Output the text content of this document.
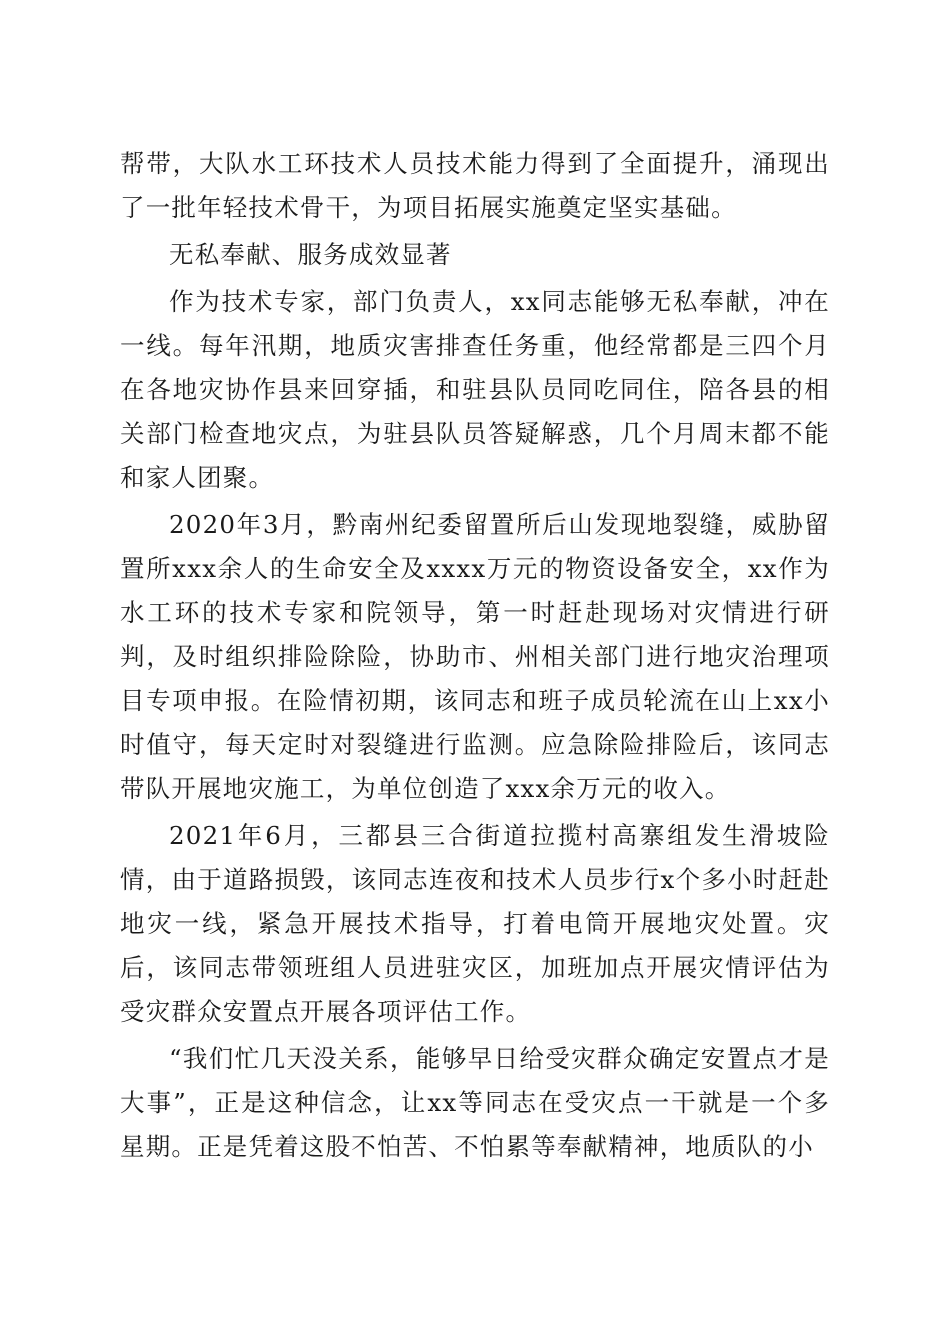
帮带，大队水工环技术人员技术能力得到了全面提升，涌现出了一批年轻技术骨干，为项目拓展实施奠定坚实基础。

无私奉献、服务成效显著

作为技术专家，部门负责人，xx同志能够无私奉献，冲在一线。每年汛期，地质灾害排查任务重，他经常都是三四个月在各地灾协作县来回穿插，和驻县队员同吃同住，陪各县的相关部门检查地灾点，为驻县队员答疑解惑，几个月周末都不能和家人团聚。

2020年3月，黔南州纪委留置所后山发现地裂缝，威胁留置所xxx余人的生命安全及xxxx万元的物资设备安全，xx作为水工环的技术专家和院领导，第一时赶赴现场对灾情进行研判，及时组织排险除险，协助市、州相关部门进行地灾治理项目专项申报。在险情初期，该同志和班子成员轮流在山上xx小时值守，每天定时对裂缝进行监测。应急除险排险后，该同志带队开展地灾施工，为单位创造了xxx余万元的收入。

2021年6月，三都县三合街道拉揽村高寨组发生滑坡险情，由于道路损毁，该同志连夜和技术人员步行x个多小时赶赴地灾一线，紧急开展技术指导，打着电筒开展地灾处置。灾后，该同志带领班组人员进驻灾区，加班加点开展灾情评估为受灾群众安置点开展各项评估工作。

“我们忙几天没关系，能够早日给受灾群众确定安置点才是大事”，正是这种信念，让xx等同志在受灾点一干就是一个多星期。正是凭着这股不怕苦、不怕累等奉献精神，地质队的小
